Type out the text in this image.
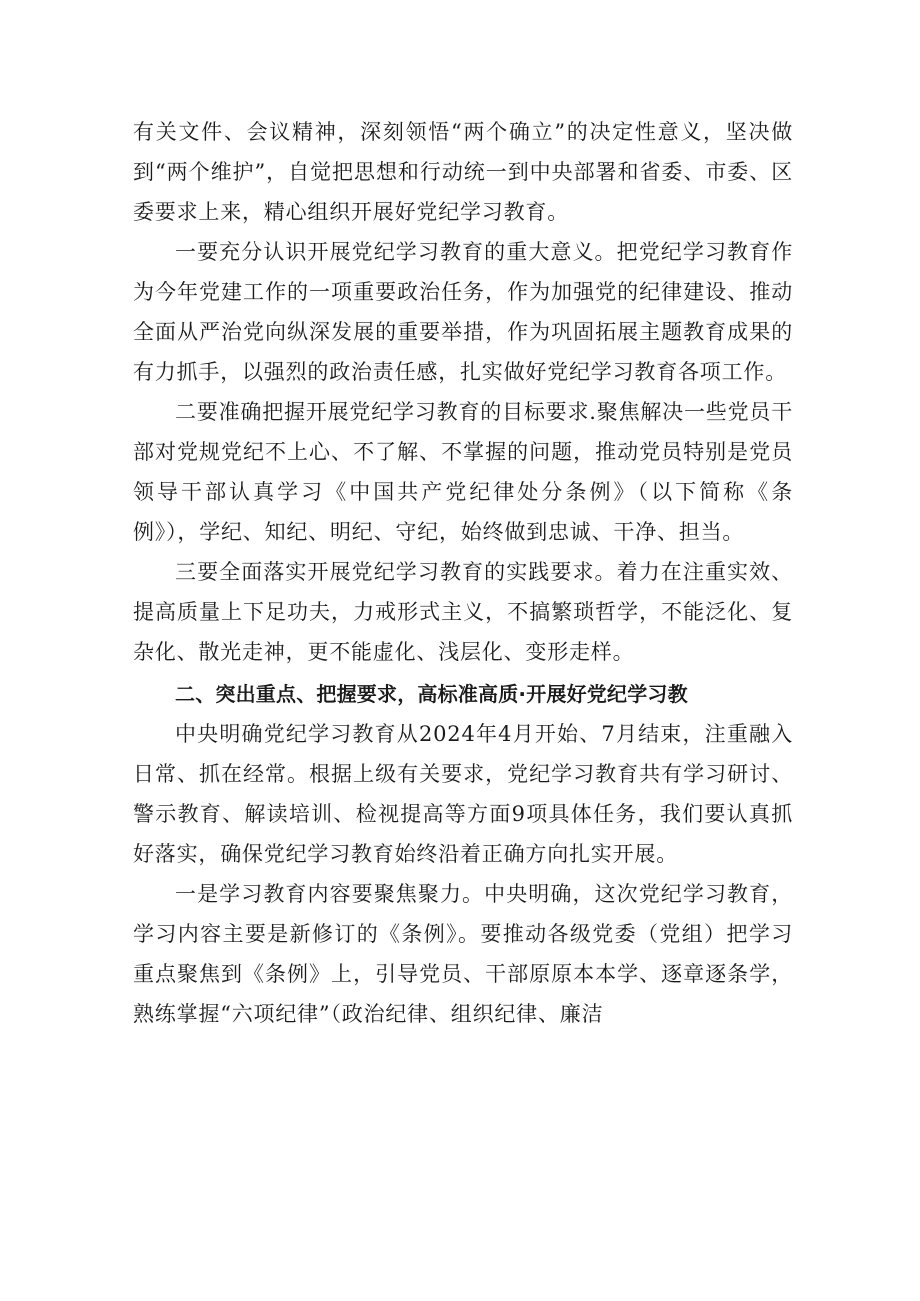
有关文件、会议精神，深刻领悟“两个确立”的决定性意义，坚决做到“两个维护”，自觉把思想和行动统一到中央部署和省委、市委、区委要求上来，精心组织开展好党纪学习教育。

一要充分认识开展党纪学习教育的重大意义。把党纪学习教育作为今年党建工作的一项重要政治任务，作为加强党的纪律建设、推动全面从严治党向纵深发展的重要举措，作为巩固拓展主题教育成果的有力抓手，以强烈的政治责任感，扎实做好党纪学习教育各项工作。

二要准确把握开展党纪学习教育的目标要求.聚焦解决一些党员干部对党规党纪不上心、不了解、不掌握的问题，推动党员特别是党员领导干部认真学习《中国共产党纪律处分条例》（以下简称《条例》），学纪、知纪、明纪、守纪，始终做到忠诚、干净、担当。

三要全面落实开展党纪学习教育的实践要求。着力在注重实效、提高质量上下足功夫，力戒形式主义，不搞繁琐哲学，不能泛化、复杂化、散光走神，更不能虚化、浅层化、变形走样。

二、突出重点、把握要求，高标准高质·开展好党纪学习教

中央明确党纪学习教育从2024年4月开始、7月结束，注重融入日常、抓在经常。根据上级有关要求，党纪学习教育共有学习研讨、警示教育、解读培训、检视提高等方面9项具体任务，我们要认真抓好落实，确保党纪学习教育始终沿着正确方向扎实开展。

一是学习教育内容要聚焦聚力。中央明确，这次党纪学习教育，学习内容主要是新修订的《条例》。要推动各级党委（党组）把学习重点聚焦到《条例》上，引导党员、干部原原本本学、逐章逐条学，熟练掌握“六项纪律”（政治纪律、组织纪律、廉洁
